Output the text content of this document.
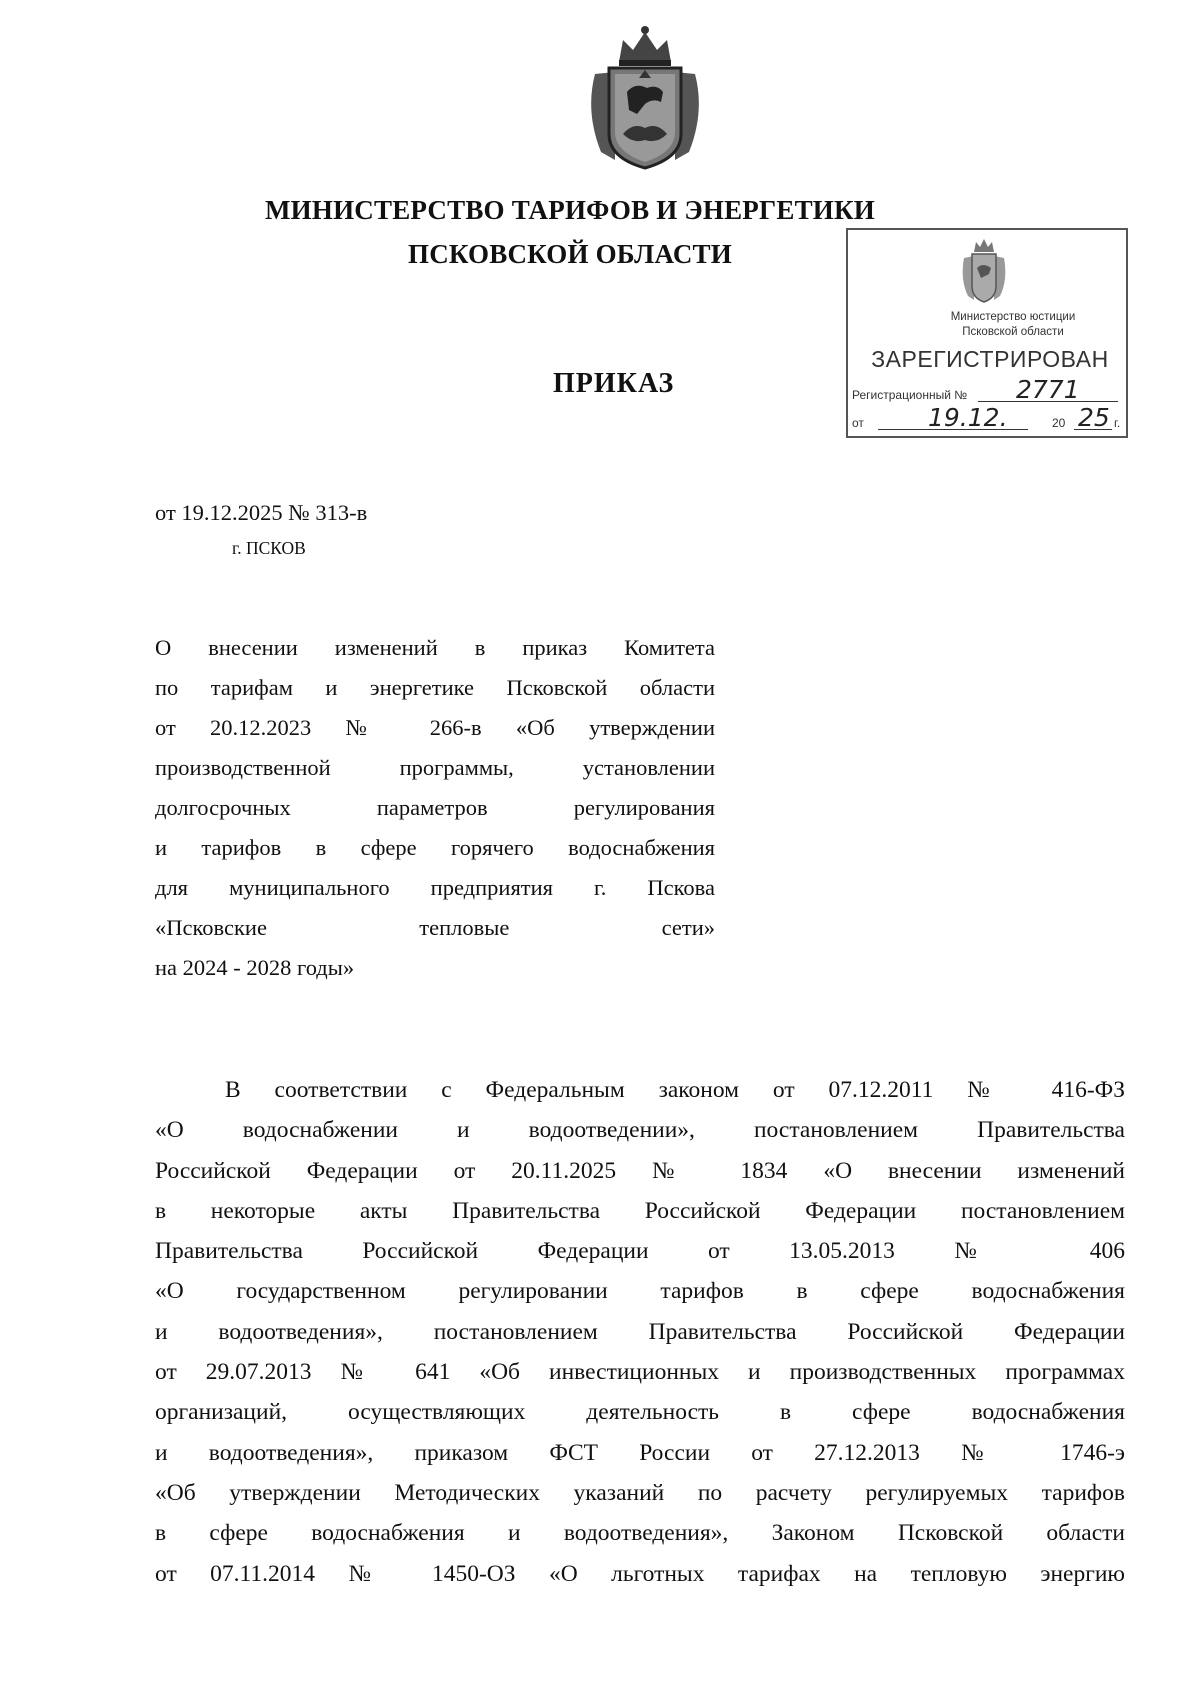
МИНИСТЕРСТВО ТАРИФОВ И ЭНЕРГЕТИКИ
ПСКОВСКОЙ ОБЛАСТИ
Министерство юстиции
Псковской области
ЗАРЕГИСТРИРОВАН
Регистрационный № 2771
от	19.12.	20 25 г.
ПРИКАЗ
от 19.12.2025 № 313-в
г. ПСКОВ
О внесении изменений в приказ Комитета
по тарифам и энергетике Псковской области
от 20.12.2023 № 266-в «Об утверждении
производственной программы, установлении
долгосрочных параметров регулирования
и тарифов в сфере горячего водоснабжения
для муниципального предприятия г. Пскова
«Псковские тепловые сети»
на 2024 - 2028 годы»
В соответствии с Федеральным законом от 07.12.2011 № 416-ФЗ
«О водоснабжении и водоотведении», постановлением Правительства
Российской Федерации от 20.11.2025 № 1834 «О внесении изменений
в некоторые акты Правительства Российской Федерации постановлением
Правительства Российской Федерации от 13.05.2013 № 406
«О государственном регулировании тарифов в сфере водоснабжения
и водоотведения», постановлением Правительства Российской Федерации
от 29.07.2013 № 641 «Об инвестиционных и производственных программах
организаций, осуществляющих деятельность в сфере водоснабжения
и водоотведения», приказом ФСТ России от 27.12.2013 № 1746-э
«Об утверждении Методических указаний по расчету регулируемых тарифов
в сфере водоснабжения и водоотведения», Законом Псковской области
от 07.11.2014 № 1450-ОЗ «О льготных тарифах на тепловую энергию
